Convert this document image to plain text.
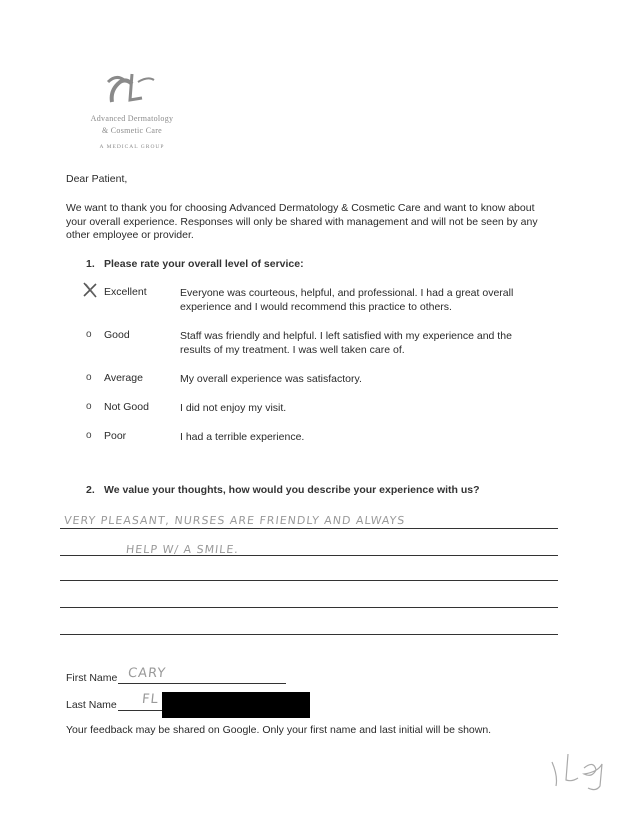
Advanced Dermatology
& Cosmetic Care
A MEDICAL GROUP
Dear Patient,
We want to thank you for choosing Advanced Dermatology & Cosmetic Care and want to know about your overall experience. Responses will only be shared with management and will not be seen by any other employee or provider.
1. Please rate your overall level of service:
Excellent	Everyone was courteous, helpful, and professional. I had a great overall experience and I would recommend this practice to others.
o Good	Staff was friendly and helpful. I left satisfied with my experience and the results of my treatment. I was well taken care of.
o Average	My overall experience was satisfactory.
o Not Good	I did not enjoy my visit.
o Poor	I had a terrible experience.
2. We value your thoughts, how would you describe your experience with us?
VERY PLEASANT, NURSES ARE FRIENDLY AND ALWAYS
HELP W/ A SMILE.
First Name CARY
Last Name FL
Your feedback may be shared on Google. Only your first name and last initial will be shown.
